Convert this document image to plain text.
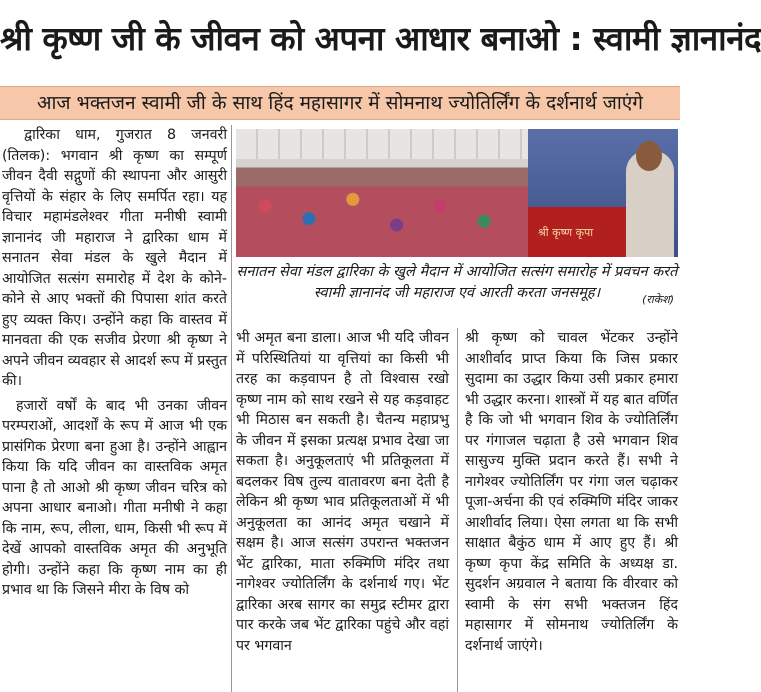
श्री कृष्ण जी के जीवन को अपना आधार बनाओ : स्वामी ज्ञानानंद
आज भक्तजन स्वामी जी के साथ हिंद महासागर में सोमनाथ ज्योतिर्लिंग के दर्शनार्थ जाएंगे

द्वारिका धाम, गुजरात 8 जनवरी (तिलक): भगवान श्री कृष्ण का सम्पूर्ण जीवन दैवी सद्गुणों की स्थापना और आसुरी वृत्तियों के संहार के लिए समर्पित रहा। यह विचार महामंडलेश्वर गीता मनीषी स्वामी ज्ञानानंद जी महाराज ने द्वारिका धाम में सनातन सेवा मंडल के खुले मैदान में आयोजित सत्संग समारोह में देश के कोने-कोने से आए भक्तों की पिपासा शांत करते हुए व्यक्त किए। उन्होंने कहा कि वास्तव में मानवता की एक सजीव प्रेरणा श्री कृष्ण ने अपने जीवन व्यवहार से आदर्श रूप में प्रस्तुत की।

हजारों वर्षों के बाद भी उनका जीवन परम्पराओं, आदर्शों के रूप में आज भी एक प्रासंगिक प्रेरणा बना हुआ है। उन्होंने आह्वान किया कि यदि जीवन का वास्तविक अमृत पाना है तो आओ श्री कृष्ण जीवन चरित्र को अपना आधार बनाओ। गीता मनीषी ने कहा कि नाम, रूप, लीला, धाम, किसी भी रूप में देखें आपको वास्तविक अमृत की अनुभूति होगी। उन्होंने कहा कि कृष्ण नाम का ही प्रभाव था कि जिसने मीरा के विष को

श्री कृष्ण कृपा
सनातन सेवा मंडल द्वारिका के खुले मैदान में आयोजित सत्संग समारोह में प्रवचन करते स्वामी ज्ञानानंद जी महाराज एवं आरती करता जनसमूह।	(राकेश)

भी अमृत बना डाला। आज भी यदि जीवन में परिस्थितियां या वृत्तियां का किसी भी तरह का कड़वापन है तो विश्वास रखो कृष्ण नाम को साथ रखने से यह कड़वाहट भी मिठास बन सकती है। चैतन्य महाप्रभु के जीवन में इसका प्रत्यक्ष प्रभाव देखा जा सकता है। अनुकूलताएं भी प्रतिकूलता में बदलकर विष तुल्य वातावरण बना देती है लेकिन श्री कृष्ण भाव प्रतिकूलताओं में भी अनुकूलता का आनंद अमृत चखाने में सक्षम है। आज सत्संग उपरान्त भक्तजन भेंट द्वारिका, माता रुक्मिणि मंदिर तथा नागेश्वर ज्योतिर्लिंग के दर्शनार्थ गए। भेंट द्वारिका अरब सागर का समुद्र स्टीमर द्वारा पार करके जब भेंट द्वारिका पहुंचे और वहां पर भगवान

श्री कृष्ण को चावल भेंटकर उन्होंने आशीर्वाद प्राप्त किया कि जिस प्रकार सुदामा का उद्धार किया उसी प्रकार हमारा भी उद्धार करना। शास्त्रों में यह बात वर्णित है कि जो भी भगवान शिव के ज्योतिर्लिंग पर गंगाजल चढ़ाता है उसे भगवान शिव सासुज्य मुक्ति प्रदान करते हैं। सभी ने नागेश्वर ज्योतिर्लिंग पर गंगा जल चढ़ाकर पूजा-अर्चना की एवं रुक्मिणि मंदिर जाकर आशीर्वाद लिया। ऐसा लगता था कि सभी साक्षात बैकुंठ धाम में आए हुए हैं। श्री कृष्ण कृपा केंद्र समिति के अध्यक्ष डा. सुदर्शन अग्रवाल ने बताया कि वीरवार को स्वामी के संग सभी भक्तजन हिंद महासागर में सोमनाथ ज्योतिर्लिंग के दर्शनार्थ जाएंगे।
